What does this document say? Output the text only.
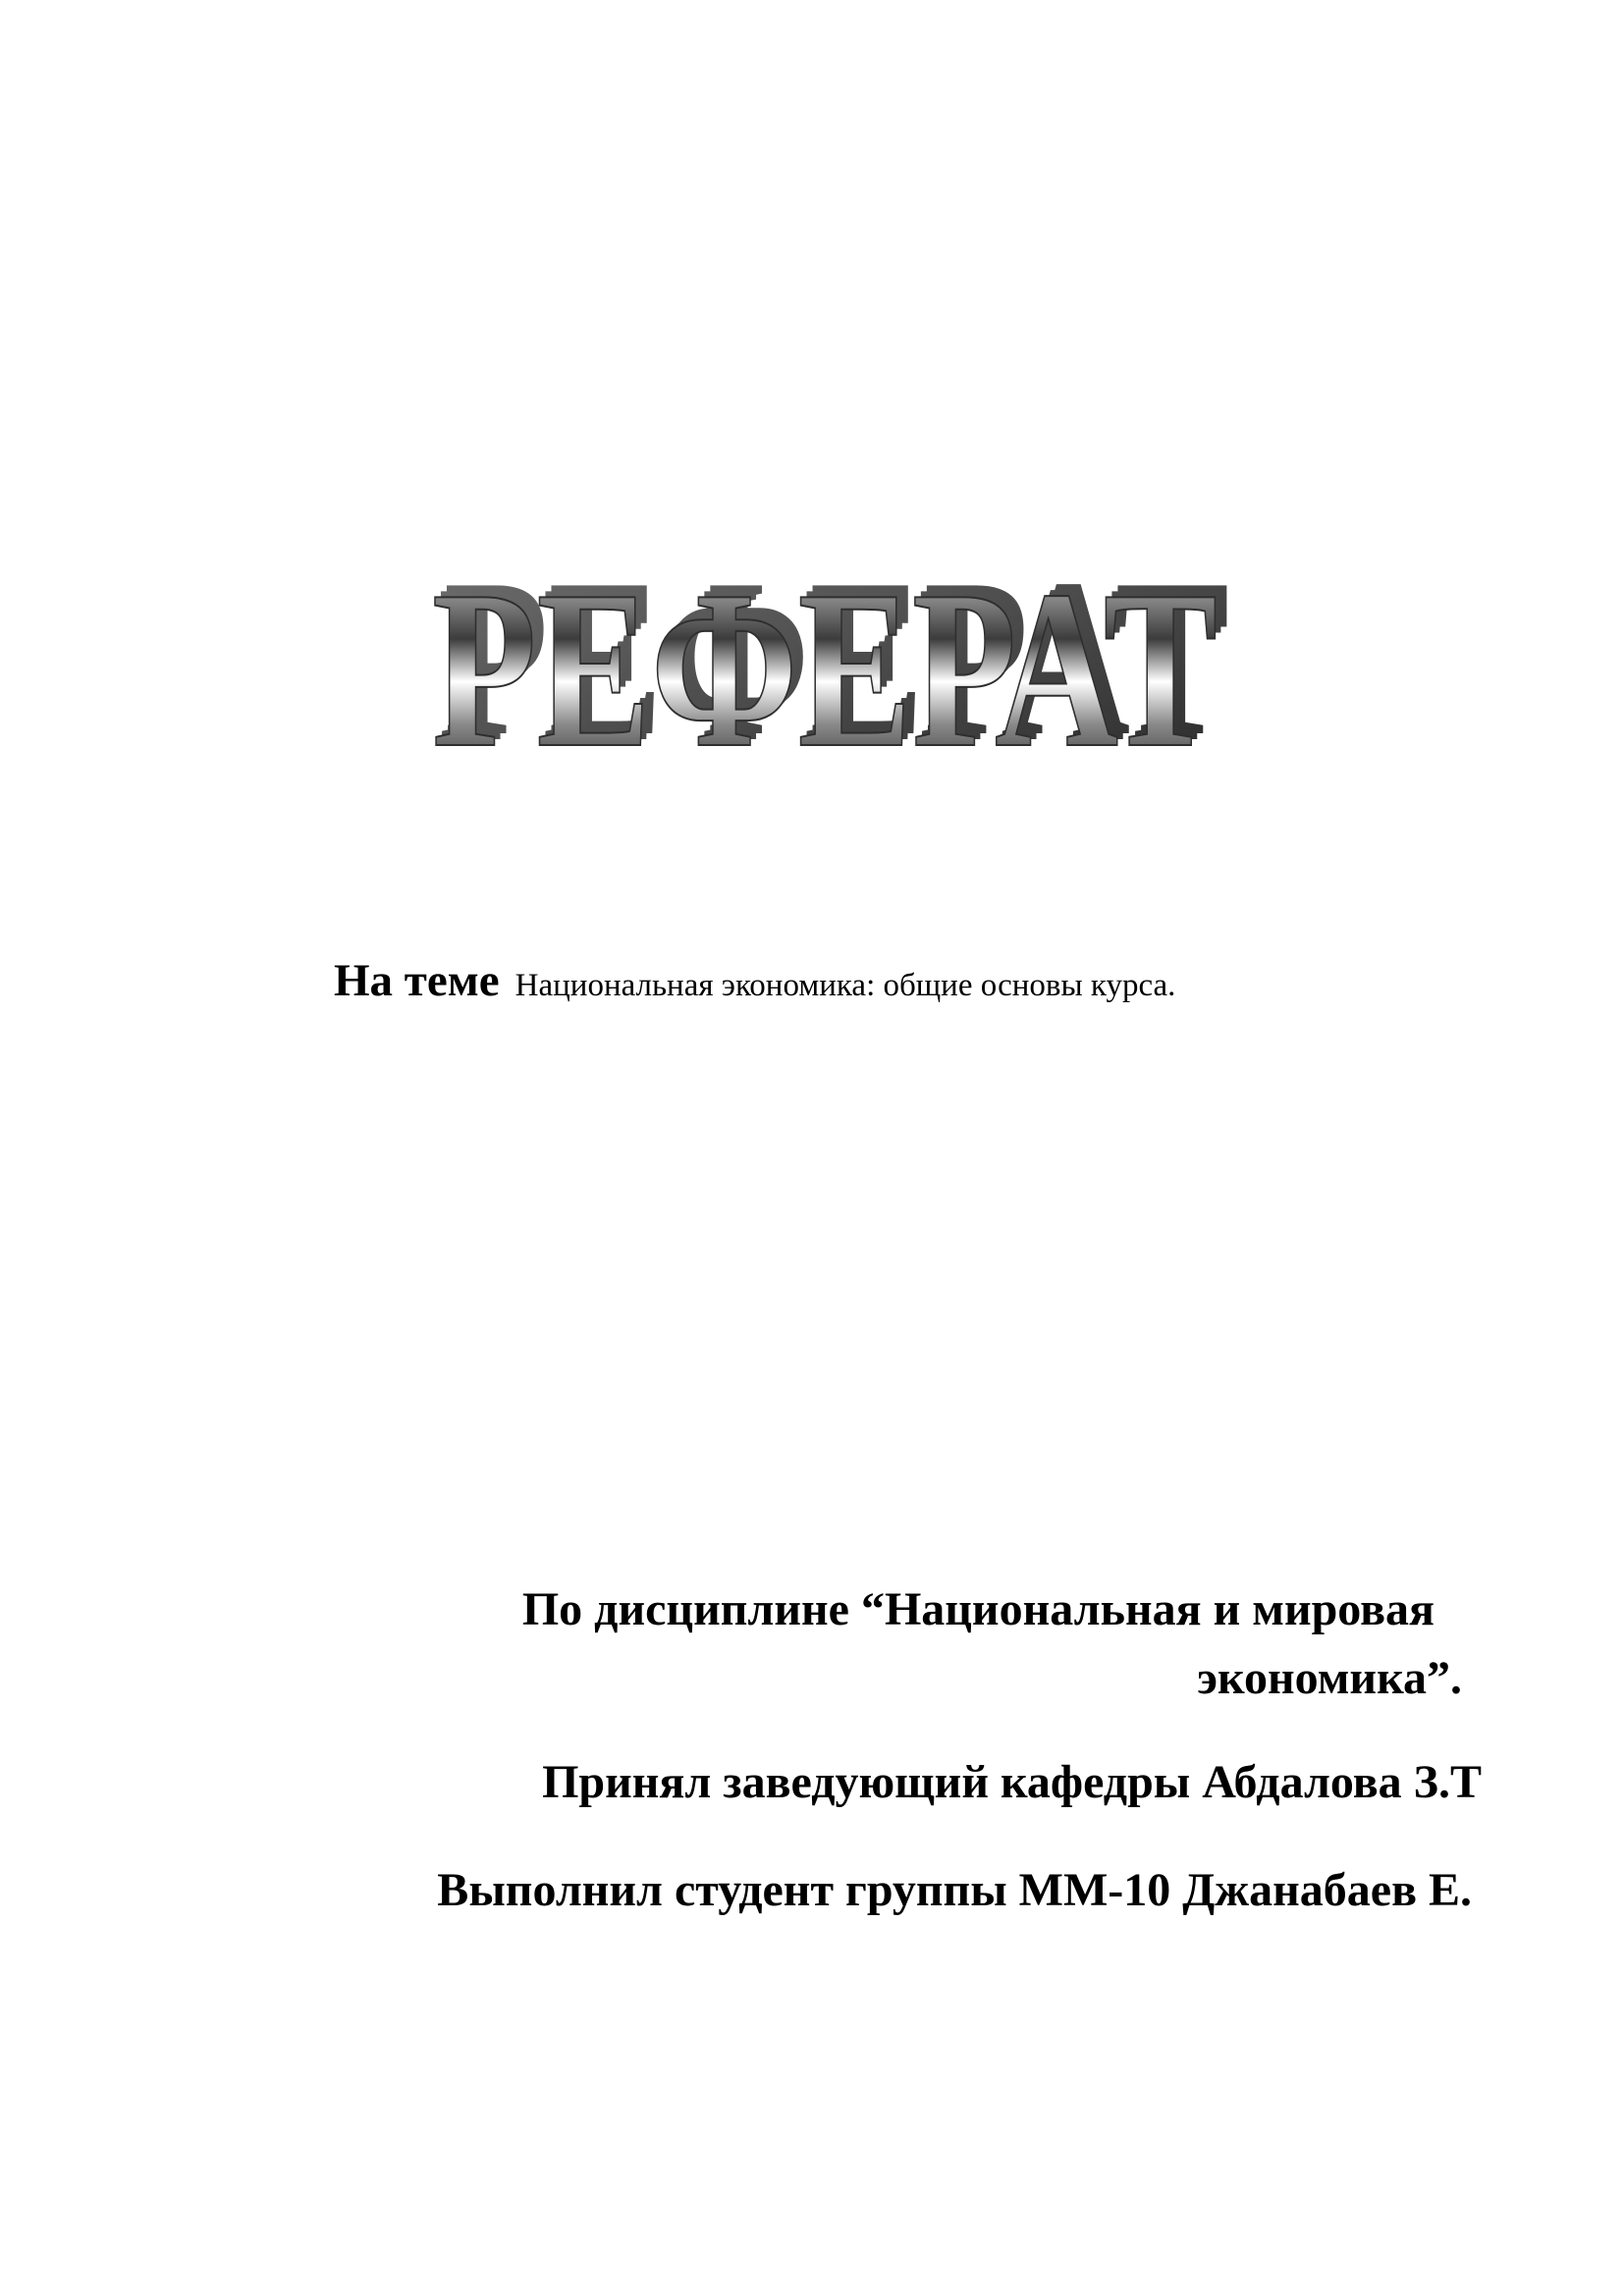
РЕФЕРАТ
РЕФЕРАТ
РЕФЕРАТ
На теме Национальная экономика: общие основы курса.
По дисциплине “Национальная и мировая
экономика”.
Принял заведующий кафедры Абдалова З.Т
Выполнил студент группы ММ-10 Джанабаев Е.
